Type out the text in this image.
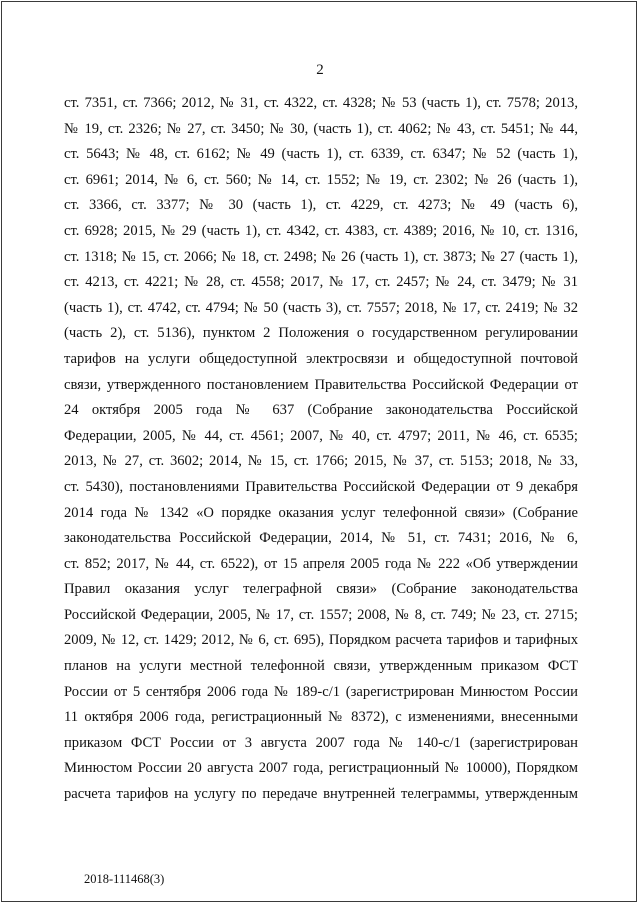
2
ст. 7351, ст. 7366; 2012, № 31, ст. 4322, ст. 4328; № 53 (часть 1), ст. 7578; 2013,
№ 19, ст. 2326; № 27, ст. 3450; № 30, (часть 1), ст. 4062; № 43, ст. 5451; № 44,
ст. 5643; № 48, ст. 6162; № 49 (часть 1), ст. 6339, ст. 6347; № 52 (часть 1),
ст. 6961; 2014, № 6, ст. 560; № 14, ст. 1552; № 19, ст. 2302; № 26 (часть 1),
ст. 3366, ст. 3377; № 30 (часть 1), ст. 4229, ст. 4273; № 49 (часть 6),
ст. 6928; 2015, № 29 (часть 1), ст. 4342, ст. 4383, ст. 4389; 2016, № 10, ст. 1316,
ст. 1318; № 15, ст. 2066; № 18, ст. 2498; № 26 (часть 1), ст. 3873; № 27 (часть 1),
ст. 4213, ст. 4221; № 28, ст. 4558; 2017, № 17, ст. 2457; № 24, ст. 3479; № 31
(часть 1), ст. 4742, ст. 4794; № 50 (часть 3), ст. 7557; 2018, № 17, ст. 2419; № 32
(часть 2), ст. 5136), пунктом 2 Положения о государственном регулировании
тарифов на услуги общедоступной электросвязи и общедоступной почтовой
связи, утвержденного постановлением Правительства Российской Федерации от
24 октября 2005 года № 637 (Собрание законодательства Российской
Федерации, 2005, № 44, ст. 4561; 2007, № 40, ст. 4797; 2011, № 46, ст. 6535;
2013, № 27, ст. 3602; 2014, № 15, ст. 1766; 2015, № 37, ст. 5153; 2018, № 33,
ст. 5430), постановлениями Правительства Российской Федерации от 9 декабря
2014 года № 1342 «О порядке оказания услуг телефонной связи» (Собрание
законодательства Российской Федерации, 2014, № 51, ст. 7431; 2016, № 6,
ст. 852; 2017, № 44, ст. 6522), от 15 апреля 2005 года № 222 «Об утверждении
Правил оказания услуг телеграфной связи» (Собрание законодательства
Российской Федерации, 2005, № 17, ст. 1557; 2008, № 8, ст. 749; № 23, ст. 2715;
2009, № 12, ст. 1429; 2012, № 6, ст. 695), Порядком расчета тарифов и тарифных
планов на услуги местной телефонной связи, утвержденным приказом ФСТ
России от 5 сентября 2006 года № 189-с/1 (зарегистрирован Минюстом России
11 октября 2006 года, регистрационный № 8372), с изменениями, внесенными
приказом ФСТ России от 3 августа 2007 года № 140-с/1 (зарегистрирован
Минюстом России 20 августа 2007 года, регистрационный № 10000), Порядком
расчета тарифов на услугу по передаче внутренней телеграммы, утвержденным
2018-111468(3)
